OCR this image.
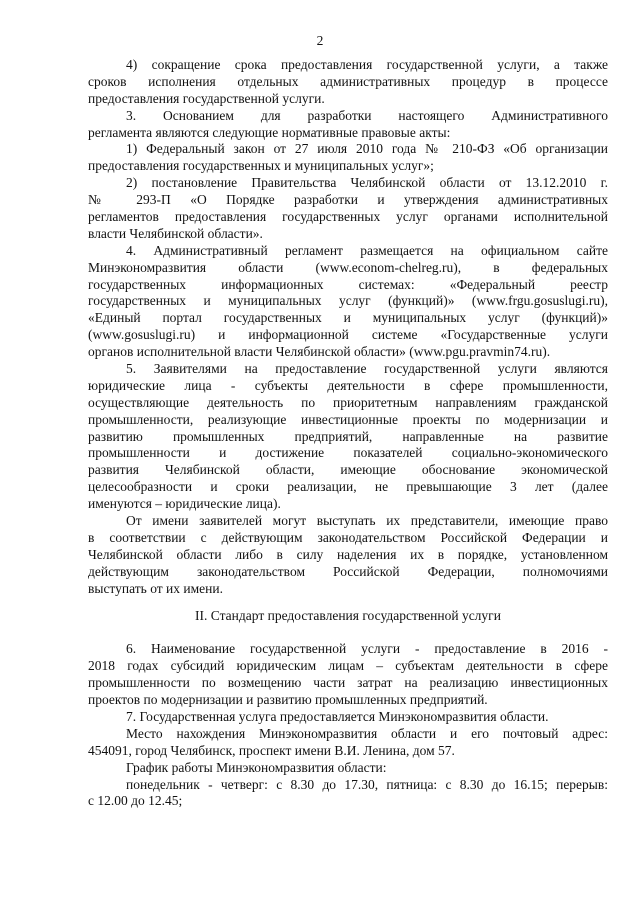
2
4) сокращение срока предоставления государственной услуги, а также
сроков исполнения отдельных административных процедур в процессе
предоставления государственной услуги.
3. Основанием для разработки настоящего Административного
регламента являются следующие нормативные правовые акты:
1) Федеральный закон от 27 июля 2010 года № 210-ФЗ «Об организации
предоставления государственных и муниципальных услуг»;
2) постановление Правительства Челябинской области от 13.12.2010 г.
№ 293-П «О Порядке разработки и утверждения административных
регламентов предоставления государственных услуг органами исполнительной
власти Челябинской области».
4. Административный регламент размещается на официальном сайте
Минэкономразвития области (www.econom-chelreg.ru), в федеральных
государственных информационных системах: «Федеральный реестр
государственных и муниципальных услуг (функций)» (www.frgu.gosuslugi.ru),
«Единый портал государственных и муниципальных услуг (функций)»
(www.gosuslugi.ru) и информационной системе «Государственные услуги
органов исполнительной власти Челябинской области» (www.pgu.pravmin74.ru).
5. Заявителями на предоставление государственной услуги являются
юридические лица - субъекты деятельности в сфере промышленности,
осуществляющие деятельность по приоритетным направлениям гражданской
промышленности, реализующие инвестиционные проекты по модернизации и
развитию промышленных предприятий, направленные на развитие
промышленности и достижение показателей социально-экономического
развития Челябинской области, имеющие обоснование экономической
целесообразности и сроки реализации, не превышающие 3 лет (далее
именуются – юридические лица).
От имени заявителей могут выступать их представители, имеющие право
в соответствии с действующим законодательством Российской Федерации и
Челябинской области либо в силу наделения их в порядке, установленном
действующим законодательством Российской Федерации, полномочиями
выступать от их имени.
II. Стандарт предоставления государственной услуги
6. Наименование государственной услуги - предоставление в 2016 -
2018 годах субсидий юридическим лицам – субъектам деятельности в сфере
промышленности по возмещению части затрат на реализацию инвестиционных
проектов по модернизации и развитию промышленных предприятий.
7. Государственная услуга предоставляется Минэкономразвития области.
Место нахождения Минэкономразвития области и его почтовый адрес:
454091, город Челябинск, проспект имени В.И. Ленина, дом 57.
График работы Минэкономразвития области:
понедельник - четверг: с 8.30 до 17.30, пятница: с 8.30 до 16.15; перерыв:
с 12.00 до 12.45;
